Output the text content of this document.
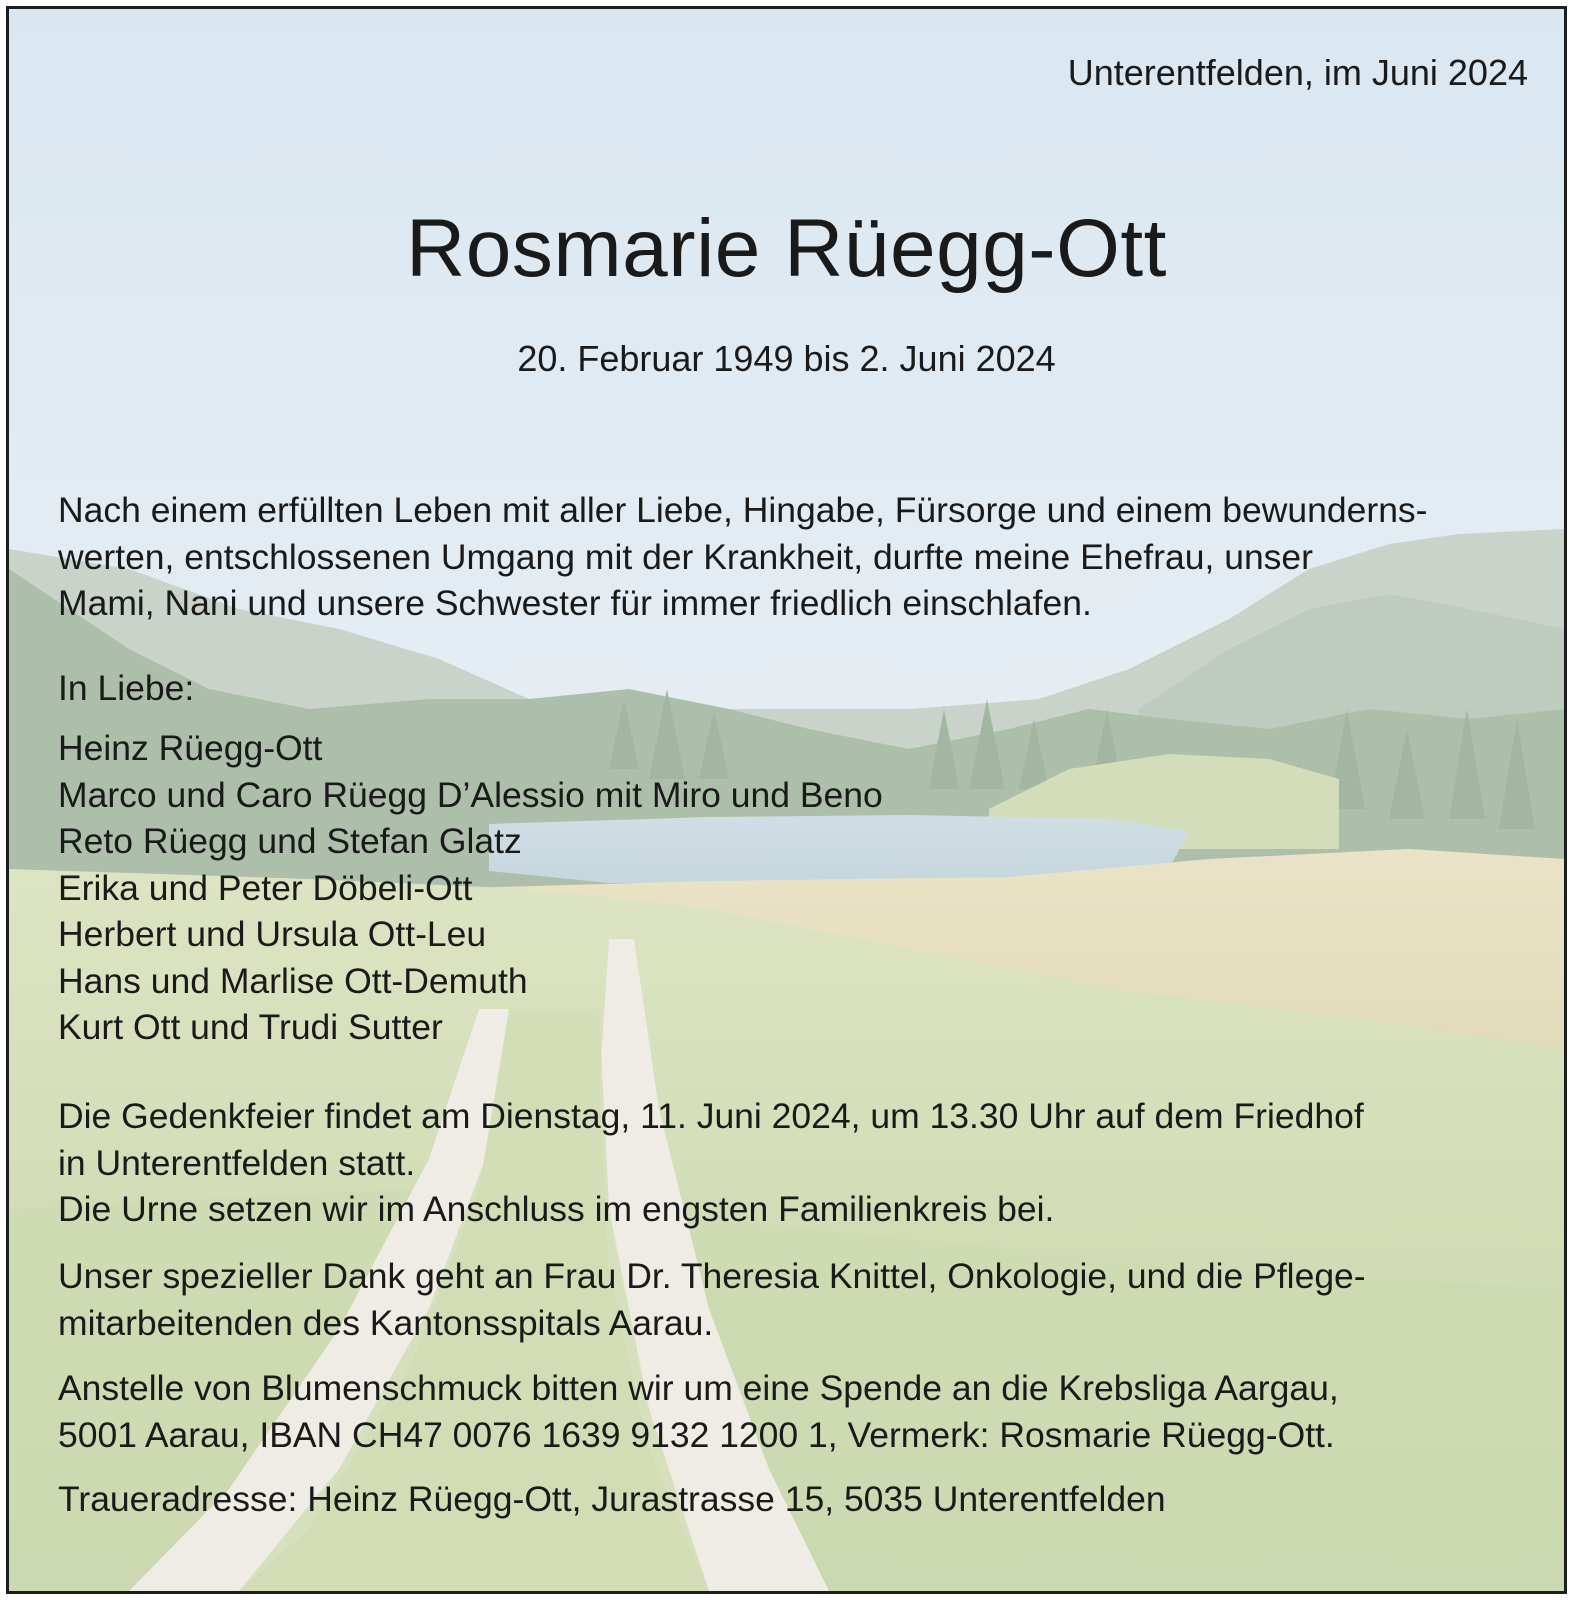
Unterentfelden, im Juni 2024
Rosmarie Rüegg-Ott
20. Februar 1949 bis 2. Juni 2024

Nach einem erfüllten Leben mit aller Liebe, Hingabe, Fürsorge und einem bewunderns-
werten, entschlossenen Umgang mit der Krankheit, durfte meine Ehefrau, unser
Mami, Nani und unsere Schwester für immer friedlich einschlafen.

In Liebe:

Heinz Rüegg-Ott
Marco und Caro Rüegg D’Alessio mit Miro und Beno
Reto Rüegg und Stefan Glatz
Erika und Peter Döbeli-Ott
Herbert und Ursula Ott-Leu
Hans und Marlise Ott-Demuth
Kurt Ott und Trudi Sutter

Die Gedenkfeier findet am Dienstag, 11. Juni 2024, um 13.30 Uhr auf dem Friedhof
in Unterentfelden statt.
Die Urne setzen wir im Anschluss im engsten Familienkreis bei.

Unser spezieller Dank geht an Frau Dr. Theresia Knittel, Onkologie, und die Pflege-
mitarbeitenden des Kantonsspitals Aarau.

Anstelle von Blumenschmuck bitten wir um eine Spende an die Krebsliga Aargau,
5001 Aarau, IBAN CH47 0076 1639 9132 1200 1, Vermerk: Rosmarie Rüegg-Ott.

Traueradresse: Heinz Rüegg-Ott, Jurastrasse 15, 5035 Unterentfelden
